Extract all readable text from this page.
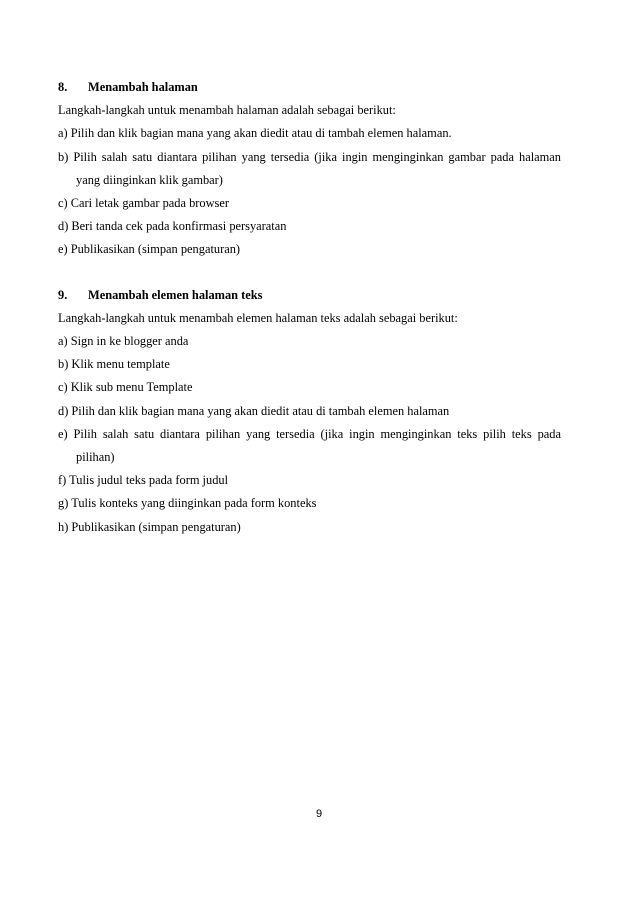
8. Menambah halaman
Langkah-langkah untuk menambah halaman adalah sebagai berikut:
a) Pilih dan klik bagian mana yang akan diedit atau di tambah elemen halaman.
b) Pilih salah satu diantara pilihan yang tersedia (jika ingin menginginkan gambar pada halaman
yang diinginkan klik gambar)
c) Cari letak gambar pada browser
d) Beri tanda cek pada konfirmasi persyaratan
e) Publikasikan (simpan pengaturan)
9. Menambah elemen halaman teks
Langkah-langkah untuk menambah elemen halaman teks adalah sebagai berikut:
a) Sign in ke blogger anda
b) Klik menu template
c) Klik sub menu Template
d) Pilih dan klik bagian mana yang akan diedit atau di tambah elemen halaman
e) Pilih salah satu diantara pilihan yang tersedia (jika ingin menginginkan teks pilih teks pada
pilihan)
f) Tulis judul teks pada form judul
g) Tulis konteks yang diinginkan pada form konteks
h) Publikasikan (simpan pengaturan)
9
